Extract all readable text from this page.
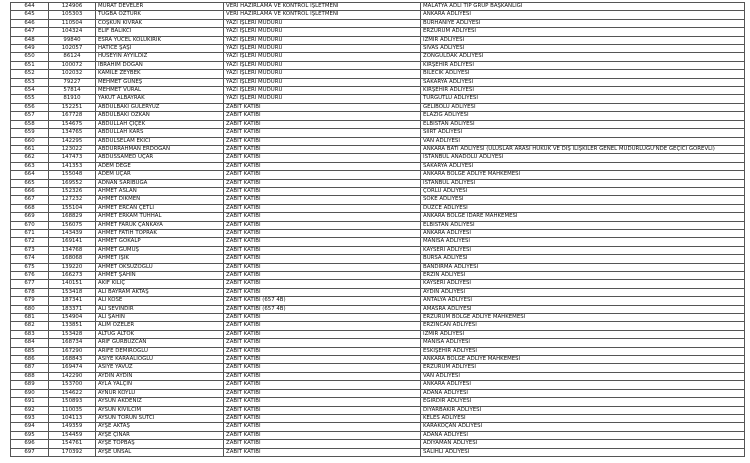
644	124906	MURAT DEVELER	VERİ HAZIRLAMA VE KONTROL İŞLETMENİ	MALATYA ADLİ TIP GRUP BAŞKANLIĞI
645	105303	TUĞBA ÖZTÜRK	VERİ HAZIRLAMA VE KONTROL İŞLETMENİ	ANKARA ADLİYESİ
646	110504	COŞKUN KIVRAK	YAZI İŞLERİ MÜDÜRÜ	BURHANİYE ADLİYESİ
647	104324	ELİF BALIKCI	YAZI İŞLERİ MÜDÜRÜ	ERZURUM ADLİYESİ
648	99840	ESRA YÜCEL KOLUKIRIK	YAZI İŞLERİ MÜDÜRÜ	İZMİR ADLİYESİ
649	102057	HATİCE ŞAŞI	YAZI İŞLERİ MÜDÜRÜ	SİVAS ADLİYESİ
650	86124	HÜSEYİN AYYILDIZ	YAZI İŞLERİ MÜDÜRÜ	ZONGULDAK ADLİYESİ
651	100072	İBRAHİM DOĞAN	YAZI İŞLERİ MÜDÜRÜ	KIRŞEHİR ADLİYESİ
652	102032	KAMİLE ZEYBEK	YAZI İŞLERİ MÜDÜRÜ	BİLECİK ADLİYESİ
653	79227	MEHMET GÜNEŞ	YAZI İŞLERİ MÜDÜRÜ	SAKARYA ADLİYESİ
654	57814	MEHMET VURAL	YAZI İŞLERİ MÜDÜRÜ	KIRŞEHİR ADLİYESİ
655	81910	YAKUT ALBAYRAK	YAZI İŞLERİ MÜDÜRÜ	TURGUTLU ADLİYESİ
656	152251	ABDULBAKİ GÜLERYÜZ	ZABIT KATİBİ	GELİBOLU ADLİYESİ
657	167728	ABDULBAKİ ÖZKAN	ZABIT KATİBİ	ELAZIĞ ADLİYESİ
658	154675	ABDULLAH ÇİÇEK	ZABIT KATİBİ	ELBİSTAN ADLİYESİ
659	134765	ABDULLAH KARS	ZABIT KATİBİ	SİİRT ADLİYESİ
660	142295	ABDULSELAM EKİCİ	ZABIT KATİBİ	VAN ADLİYESİ
661	123022	ABDURRAHMAN ERDOĞAN	ZABIT KATİBİ	ANKARA BATI ADLİYESİ (ULUSLAR ARASI HUKUK VE DIŞ İLİŞKİLER GENEL MÜDÜRLÜĞÜ'NDE GEÇİCİ GÖREVLİ)
662	147473	ABDUSSAMED UÇAR	ZABIT KATİBİ	İSTANBUL ANADOLU ADLİYESİ
663	141353	ADEM DEĞE	ZABIT KATİBİ	SAKARYA ADLİYESİ
664	155048	ADEM UÇAR	ZABIT KATİBİ	ANKARA BÖLGE ADLİYE MAHKEMESİ
665	169552	ADNAN SARIBUĞA	ZABIT KATİBİ	İSTANBUL ADLİYESİ
666	152326	AHMET ASLAN	ZABIT KATİBİ	ÇORLU ADLİYESİ
667	127232	AHMET DİKMEN	ZABIT KATİBİ	SÖKE ADLİYESİ
668	155104	AHMET ERCAN ÇETLİ	ZABIT KATİBİ	DÜZCE ADLİYESİ
669	168829	AHMET ERKAM TUHHAL	ZABIT KATİBİ	ANKARA BÖLGE İDARE MAHKEMESİ
670	156075	AHMET FARUK ÇANKAYA	ZABIT KATİBİ	ELBİSTAN ADLİYESİ
671	143439	AHMET FATİH TOPRAK	ZABIT KATİBİ	ANKARA ADLİYESİ
672	169141	AHMET GÖKALP	ZABIT KATİBİ	MANİSA ADLİYESİ
673	134768	AHMET GÜMÜŞ	ZABIT KATİBİ	KAYSERİ ADLİYESİ
674	168068	AHMET IŞIK	ZABIT KATİBİ	BURSA ADLİYESİ
675	139220	AHMET ÖKSÜZOĞLU	ZABIT KATİBİ	BANDIRMA ADLİYESİ
676	166273	AHMET ŞAHİN	ZABIT KATİBİ	ERZİN ADLİYESİ
677	140151	AKİF KILIÇ	ZABIT KATİBİ	KAYSERİ ADLİYESİ
678	153418	ALİ BAYRAM AKTAŞ	ZABIT KATİBİ	AYDIN ADLİYESİ
679	187341	ALİ KÖSE	ZABIT KATİBİ (657 4B)	ANTALYA ADLİYESİ
680	183371	ALİ SEVİNDİR	ZABIT KATİBİ (657 4B)	AMASRA ADLİYESİ
681	154904	ALİ ŞAHİN	ZABIT KATİBİ	ERZURUM BÖLGE ADLİYE MAHKEMESİ
682	133851	ALİM ÖZELER	ZABIT KATİBİ	ERZİNCAN ADLİYESİ
683	153428	ALTUĞ ALTOK	ZABIT KATİBİ	İZMİR ADLİYESİ
684	168734	ARİF GÜRBÜZCAN	ZABIT KATİBİ	MANİSA ADLİYESİ
685	167290	ARİFE DEMİROĞLU	ZABIT KATİBİ	ESKİŞEHİR ADLİYESİ
686	168843	ASİYE KARAALİOĞLU	ZABIT KATİBİ	ANKARA BÖLGE ADLİYE MAHKEMESİ
687	169474	ASİYE YAVUZ	ZABIT KATİBİ	ERZURUM ADLİYESİ
688	142290	AYDIN AYDIN	ZABIT KATİBİ	VAN ADLİYESİ
689	153700	AYLA YALÇIN	ZABIT KATİBİ	ANKARA ADLİYESİ
690	154622	AYNUR KÖYLÜ	ZABIT KATİBİ	ADANA ADLİYESİ
691	150893	AYSUN AKDENİZ	ZABIT KATİBİ	EĞİRDİR ADLİYESİ
692	110035	AYSUN KIVILCIM	ZABIT KATİBİ	DİYARBAKIR ADLİYESİ
693	104113	AYSUN TORUN SÜTCİ	ZABIT KATİBİ	KELES ADLİYESİ
694	149359	AYŞE AKTAŞ	ZABIT KATİBİ	KARAKOÇAN ADLİYESİ
695	154459	AYŞE ÇINAR	ZABIT KATİBİ	ADANA ADLİYESİ
696	154761	AYŞE TOPBAŞ	ZABIT KATİBİ	ADIYAMAN ADLİYESİ
697	170392	AYŞE ÜNSAL	ZABIT KATİBİ	SALİHLİ ADLİYESİ
